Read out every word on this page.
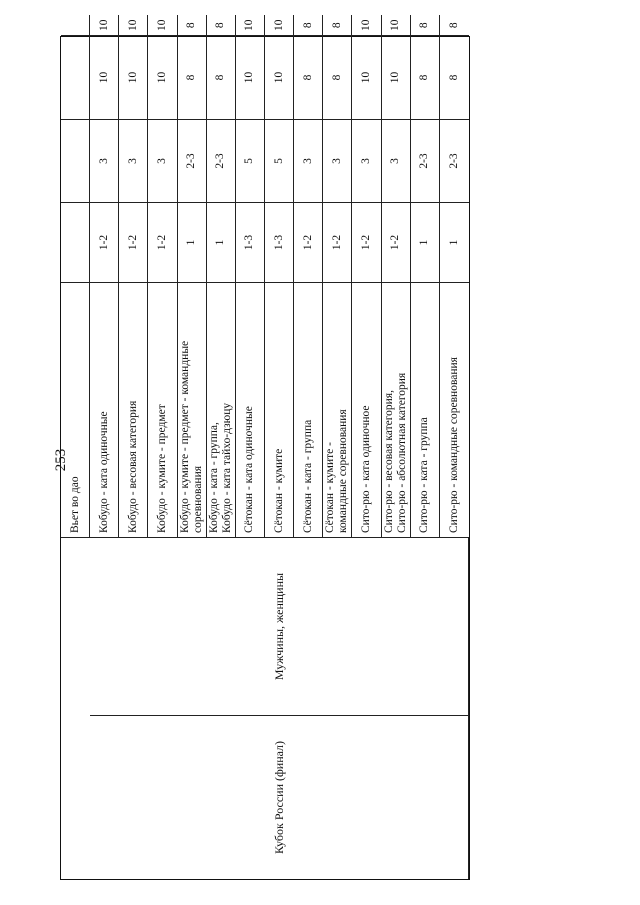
253
Кубок России (финал)
Мужчины, женщины
Вьет во дао Кобудо - ката одиночные
1-2
3
10
10
Кобудо - весовая категория
1-2
3
10
10
Кобудо - кумите - предмет
1-2
3
10
10
Кобудо - кумите - предмет - командные соревнования
1
2-3
8
8
Кобудо - ката - группа, Кобудо - ката тайхо-дзюцу
1
2-3
8
8
Сётокан - ката одиночные
1-3
5
10
10
Сётокан - кумите
1-3
5
10
10
Сётокан - ката - группа
1-2
3
8
8
Сётокан - кумите - командные соревнования
1-2
3
8
8
Сито-рю - ката одиночное
1-2
3
10
10
Сито-рю - весовая категория, Сито-рю - абсолютная категория
1-2
3
10
10
Сито-рю - ката - группа
1
2-3
8
8
Сито-рю - командные соревнования
1
2-3
8
8
